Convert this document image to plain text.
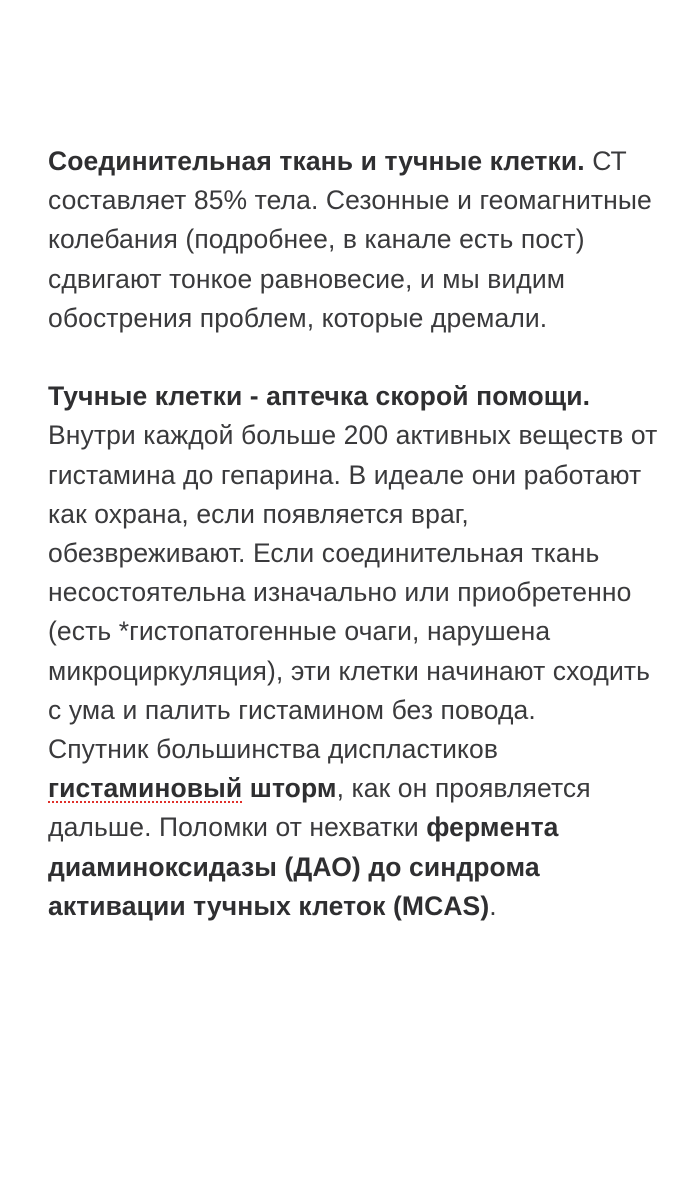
Соединительная ткань и тучные клетки. СТ составляет 85% тела. Сезонные и геомагнитные колебания (подробнее, в канале есть пост) сдвигают тонкое равновесие, и мы видим обострения проблем, которые дремали.

Тучные клетки - аптечка скорой помощи. Внутри каждой больше 200 активных веществ от гистамина до гепарина. В идеале они работают как охрана, если появляется враг, обезвреживают. Если соединительная ткань несостоятельна изначально или приобретенно (есть *гистопатогенные очаги, нарушена микроциркуляция), эти клетки начинают сходить с ума и палить гистамином без повода.

Спутник большинства диспластиков гистаминовый шторм, как он проявляется дальше. Поломки от нехватки фермента диаминоксидазы (ДАО) до синдрома активации тучных клеток (MCAS).
